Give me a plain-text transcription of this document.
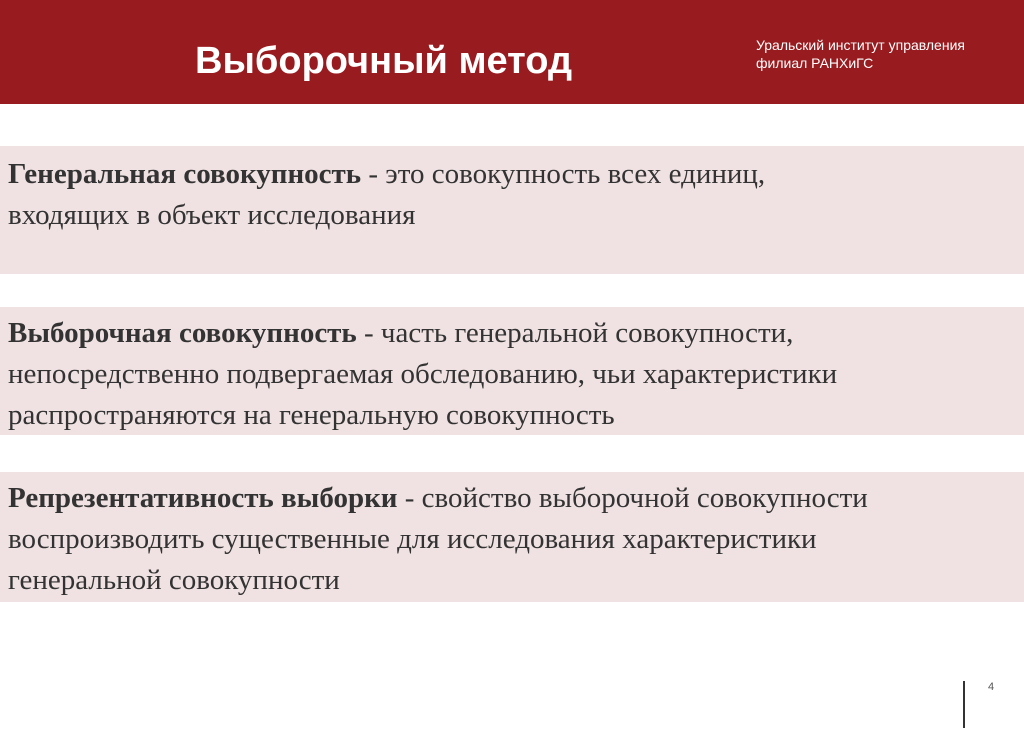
Выборочный метод	Уральский институт управления
филиал РАНХиГС
Генеральная совокупность - это совокупность всех единиц,
входящих в объект исследования
Выборочная совокупность - часть генеральной совокупности,
непосредственно подвергаемая обследованию, чьи характеристики
распространяются на генеральную совокупность
Репрезентативность выборки - свойство выборочной совокупности
воспроизводить существенные для исследования характеристики
генеральной совокупности
4
